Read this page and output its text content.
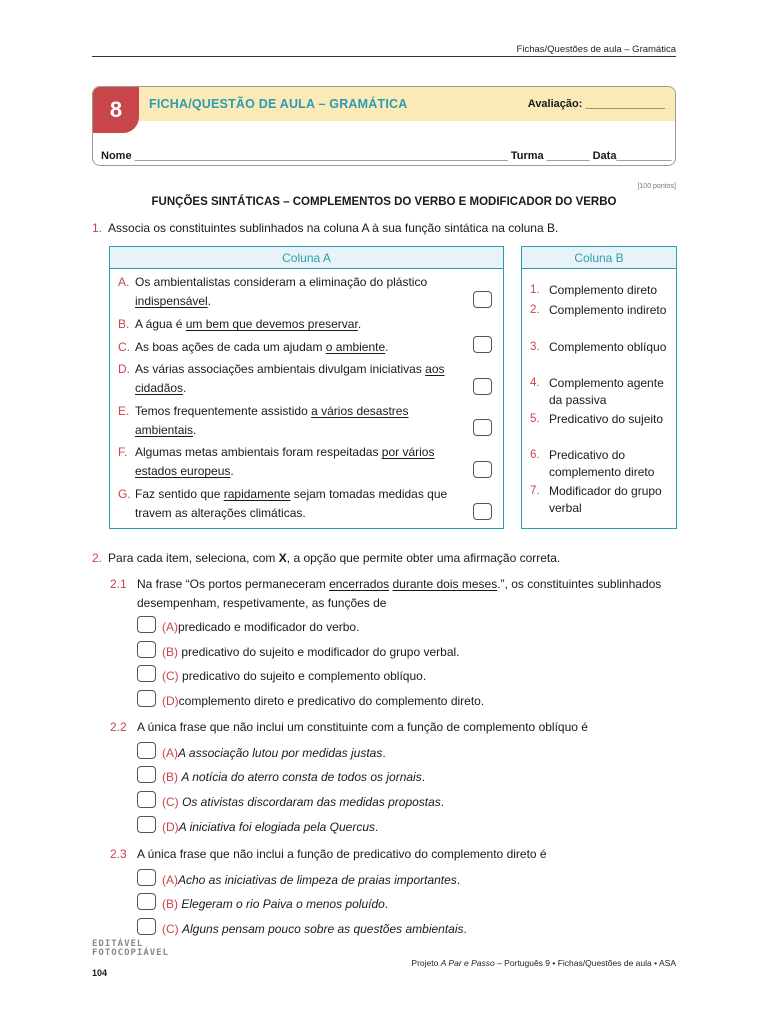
Fichas/Questões de aula – Gramática
8	FICHA/QUESTÃO DE AULA – GRAMÁTICA	Avaliação: _____________
Nome _____________________________________________________________ Turma _______ Data_________
[100 pontos]
FUNÇÕES SINTÁTICAS – COMPLEMENTOS DO VERBO E MODIFICADOR DO VERBO
1. Associa os constituintes sublinhados na coluna A à sua função sintática na coluna B.
Coluna A
A. Os ambientalistas consideram a eliminação do plástico indispensável.
B. A água é um bem que devemos preservar.
C. As boas ações de cada um ajudam o ambiente.
D. As várias associações ambientais divulgam iniciativas aos cidadãos.
E. Temos frequentemente assistido a vários desastres ambientais.
F. Algumas metas ambientais foram respeitadas por vários estados europeus.
G. Faz sentido que rapidamente sejam tomadas medidas que travem as alterações climáticas.
Coluna B
1. Complemento direto
2. Complemento indireto
3. Complemento oblíquo
4. Complemento agente da passiva
5. Predicativo do sujeito
6. Predicativo do complemento direto
7. Modificador do grupo verbal
2. Para cada item, seleciona, com X, a opção que permite obter uma afirmação correta.
2.1 Na frase “Os portos permaneceram encerrados durante dois meses.”, os constituintes sublinhados desempenham, respetivamente, as funções de
(A)predicado e modificador do verbo.
(B) predicativo do sujeito e modificador do grupo verbal.
(C) predicativo do sujeito e complemento oblíquo.
(D)complemento direto e predicativo do complemento direto.
2.2 A única frase que não inclui um constituinte com a função de complemento oblíquo é
(A)A associação lutou por medidas justas.
(B) A notícia do aterro consta de todos os jornais.
(C) Os ativistas discordaram das medidas propostas.
(D)A iniciativa foi elogiada pela Quercus.
2.3 A única frase que não inclui a função de predicativo do complemento direto é
(A)Acho as iniciativas de limpeza de praias importantes.
(B) Elegeram o rio Paiva o menos poluído.
(C) Alguns pensam pouco sobre as questões ambientais.
EDITÁVEL
FOTOCOPIÁVEL
104
Projeto A Par e Passo – Português 9 • Fichas/Questões de aula • ASA
